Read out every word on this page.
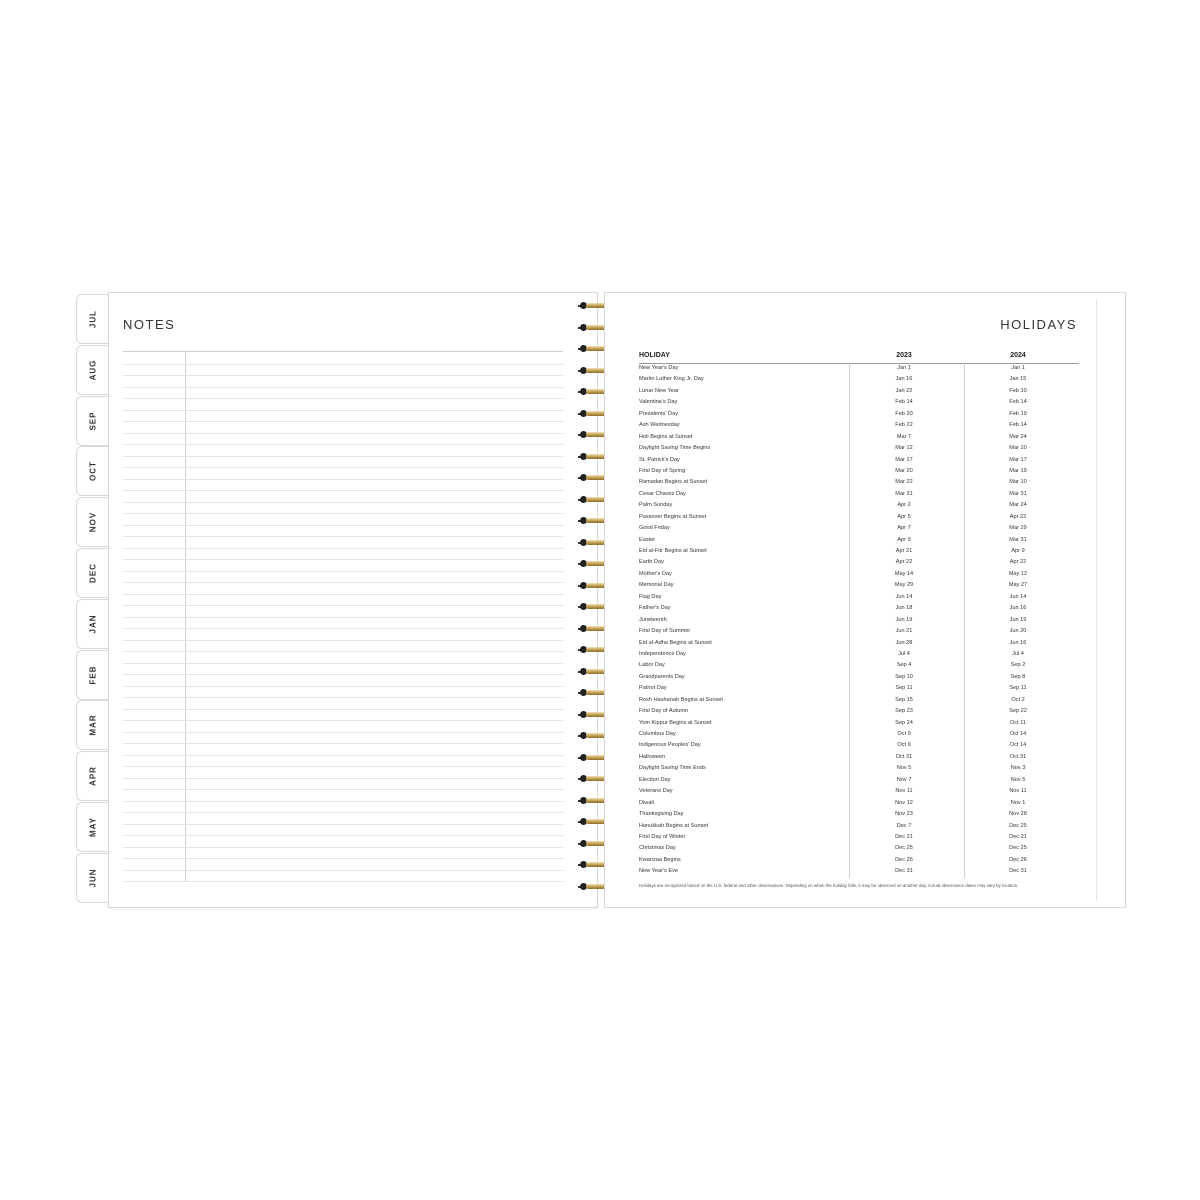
JUL
AUG
SEP
OCT
NOV
DEC
JAN
FEB
MAR
APR
MAY
JUN
NOTES	HOLIDAYS
HOLIDAY	2023	2024
New Year's Day	Jan 1	Jan 1
Martin Luther King Jr. Day	Jan 16	Jan 15
Lunar New Year	Jan 22	Feb 10
Valentine's Day	Feb 14	Feb 14
Presidents' Day	Feb 20	Feb 19
Ash Wednesday	Feb 22	Feb 14
Holi Begins at Sunset	Mar 7	Mar 24
Daylight Saving Time Begins	Mar 12	Mar 10
St. Patrick's Day	Mar 17	Mar 17
First Day of Spring	Mar 20	Mar 19
Ramadan Begins at Sunset	Mar 22	Mar 10
Cesar Chavez Day	Mar 31	Mar 31
Palm Sunday	Apr 2	Mar 24
Passover Begins at Sunset	Apr 5	Apr 22
Good Friday	Apr 7	Mar 29
Easter	Apr 9	Mar 31
Eid al-Fitr Begins at Sunset	Apr 21	Apr 9
Earth Day	Apr 22	Apr 22
Mother's Day	May 14	May 12
Memorial Day	May 29	May 27
Flag Day	Jun 14	Jun 14
Father's Day	Jun 18	Jun 16
Juneteenth	Jun 19	Jun 19
First Day of Summer	Jun 21	Jun 20
Eid al-Adha Begins at Sunset	Jun 28	Jun 16
Independence Day	Jul 4	Jul 4
Labor Day	Sep 4	Sep 2
Grandparents Day	Sep 10	Sep 8
Patriot Day	Sep 11	Sep 11
Rosh Hashanah Begins at Sunset	Sep 15	Oct 2
First Day of Autumn	Sep 23	Sep 22
Yom Kippur Begins at Sunset	Sep 24	Oct 11
Columbus Day	Oct 9	Oct 14
Indigenous Peoples' Day	Oct 9	Oct 14
Halloween	Oct 31	Oct 31
Daylight Saving Time Ends	Nov 5	Nov 3
Election Day	Nov 7	Nov 5
Veterans Day	Nov 11	Nov 11
Diwali	Nov 12	Nov 1
Thanksgiving Day	Nov 23	Nov 28
Hanukkah Begins at Sunset	Dec 7	Dec 25
First Day of Winter	Dec 21	Dec 21
Christmas Day	Dec 25	Dec 25
Kwanzaa Begins	Dec 26	Dec 26
New Year's Eve	Dec 31	Dec 31
Holidays are recognized based on the U.S. federal and other observances. Depending on when the holiday falls, it may be observed on another day. Actual observance dates may vary by location.
